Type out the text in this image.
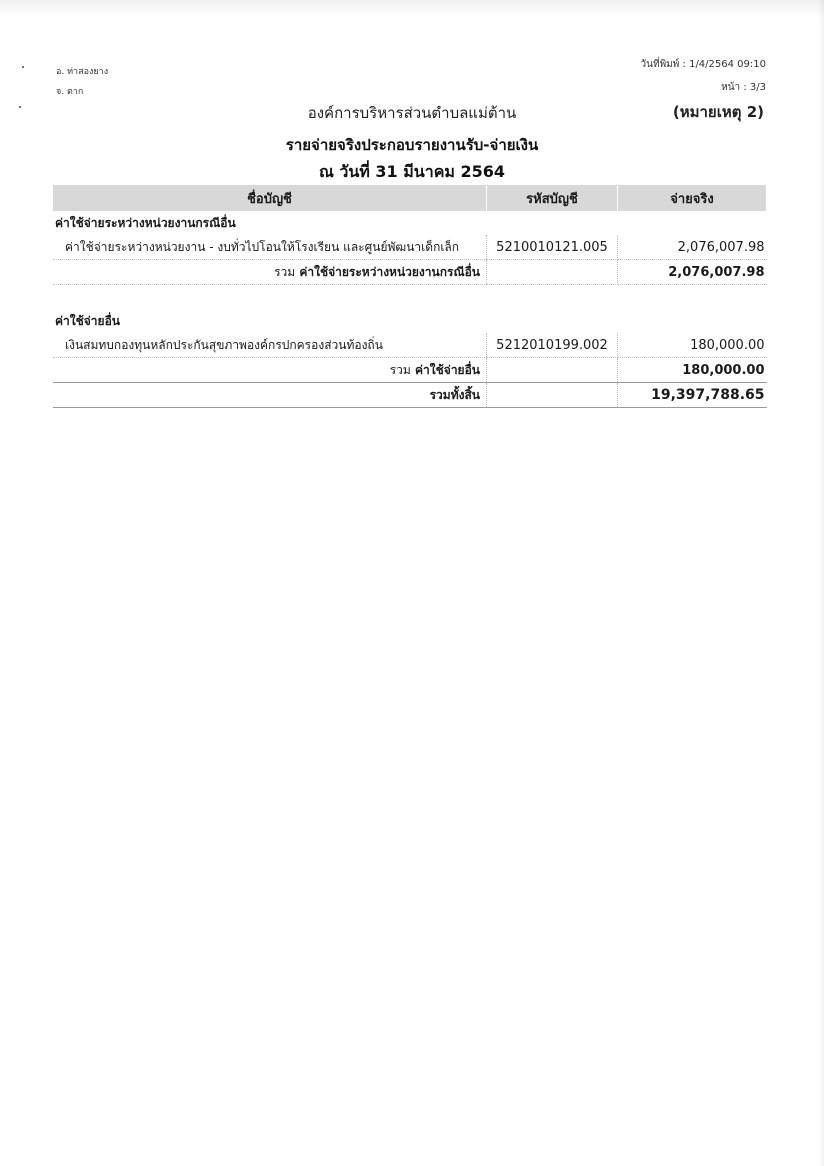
อ. ท่าสองยาง
จ. ตาก
วันที่พิมพ์ : 1/4/2564 09:10
หน้า : 3/3
องค์การบริหารส่วนตำบลแม่ต้าน	(หมายเหตุ 2)
รายจ่ายจริงประกอบรายงานรับ-จ่ายเงิน
ณ วันที่ 31 มีนาคม 2564
ชื่อบัญชี	รหัสบัญชี	จ่ายจริง
ค่าใช้จ่ายระหว่างหน่วยงานกรณีอื่น		
ค่าใช้จ่ายระหว่างหน่วยงาน - งบทั่วไปโอนให้โรงเรียน และศูนย์พัฒนาเด็กเล็ก	5210010121.005	2,076,007.98
รวม ค่าใช้จ่ายระหว่างหน่วยงานกรณีอื่น		2,076,007.98

ค่าใช้จ่ายอื่น		
เงินสมทบกองทุนหลักประกันสุขภาพองค์กรปกครองส่วนท้องถิ่น	5212010199.002	180,000.00
รวม ค่าใช้จ่ายอื่น		180,000.00
รวมทั้งสิ้น		19,397,788.65
